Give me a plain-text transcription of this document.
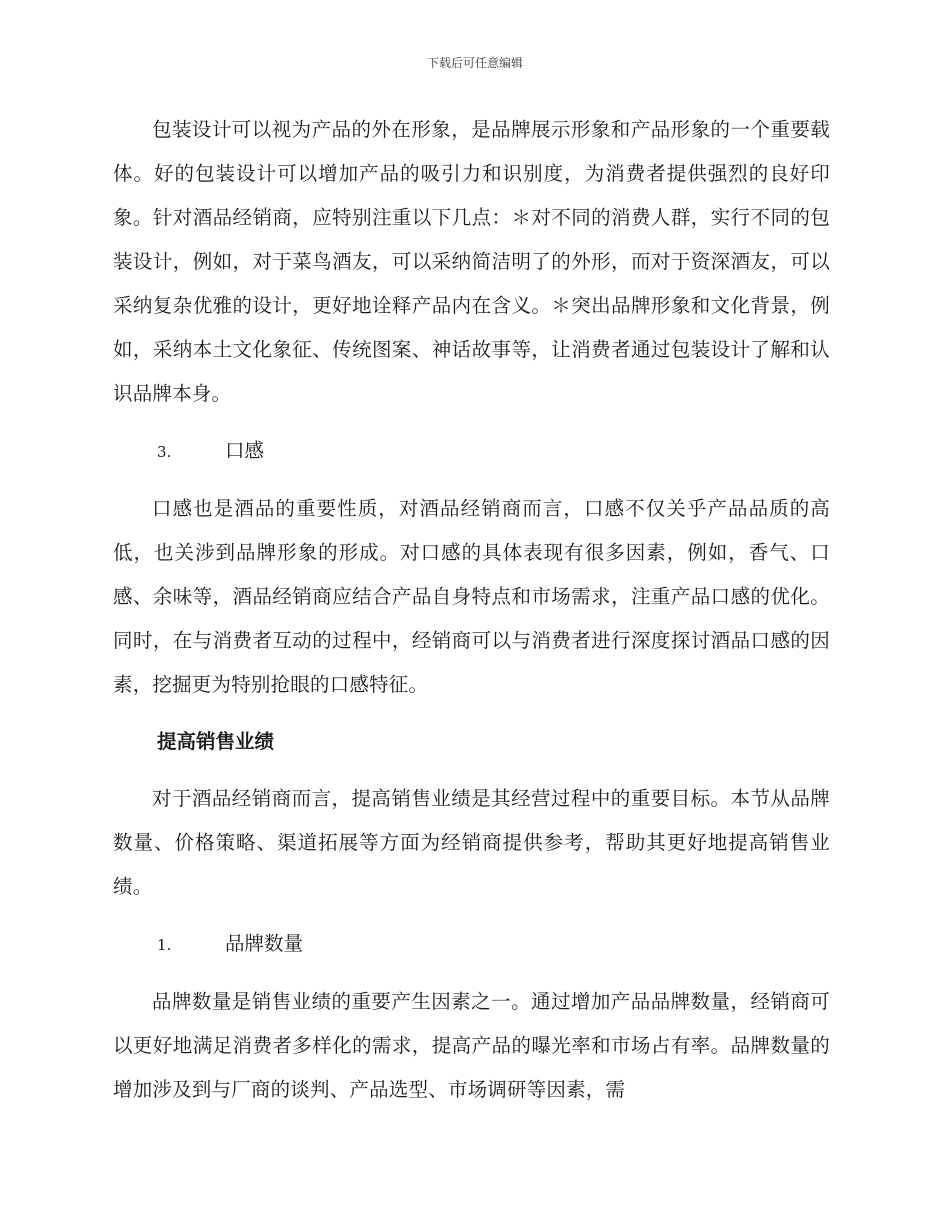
下载后可任意编辑

包装设计可以视为产品的外在形象，是品牌展示形象和产品形象的一个重要载体。好的包装设计可以增加产品的吸引力和识别度，为消费者提供强烈的良好印象。针对酒品经销商，应特别注重以下几点：＊对不同的消费人群，实行不同的包装设计，例如，对于菜鸟酒友，可以采纳简洁明了的外形，而对于资深酒友，可以采纳复杂优雅的设计，更好地诠释产品内在含义。＊突出品牌形象和文化背景，例如，采纳本土文化象征、传统图案、神话故事等，让消费者通过包装设计了解和认识品牌本身。

3.	口感

口感也是酒品的重要性质，对酒品经销商而言，口感不仅关乎产品品质的高低，也关涉到品牌形象的形成。对口感的具体表现有很多因素，例如，香气、口感、余味等，酒品经销商应结合产品自身特点和市场需求，注重产品口感的优化。同时，在与消费者互动的过程中，经销商可以与消费者进行深度探讨酒品口感的因素，挖掘更为特别抢眼的口感特征。

提高销售业绩

对于酒品经销商而言，提高销售业绩是其经营过程中的重要目标。本节从品牌数量、价格策略、渠道拓展等方面为经销商提供参考，帮助其更好地提高销售业绩。

1.	品牌数量

品牌数量是销售业绩的重要产生因素之一。通过增加产品品牌数量，经销商可以更好地满足消费者多样化的需求，提高产品的曝光率和市场占有率。品牌数量的增加涉及到与厂商的谈判、产品选型、市场调研等因素，需
